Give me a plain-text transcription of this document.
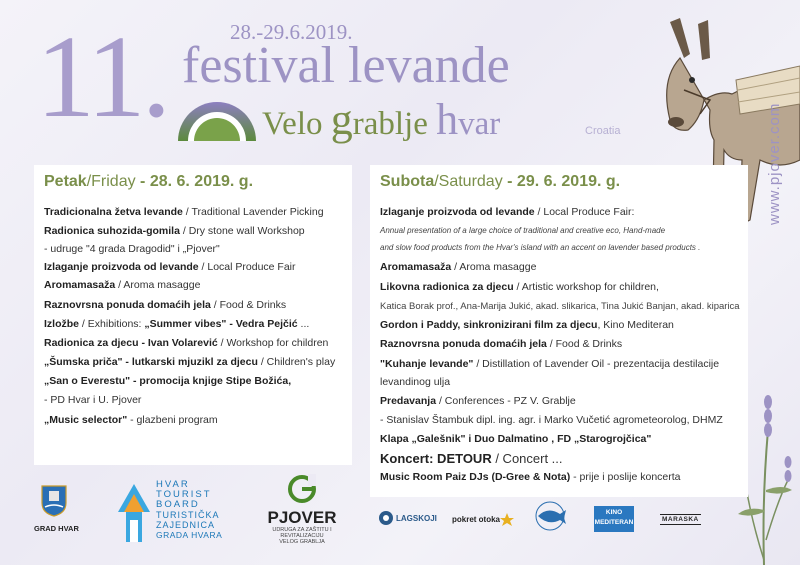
11.	28.-29.6.2019.
festival levande
Velo grablje hvar	Croatia	www.pjover.com
Petak/Friday - 28. 6. 2019. g.
Tradicionalna žetva levande / Traditional Lavender Picking
Radionica suhozida-gomila / Dry stone wall Workshop
- udruge "4 grada Dragodid" i „Pjover"
Izlaganje proizvoda od levande / Local Produce Fair
Aromamasaža / Aroma masagge
Raznovrsna ponuda domaćih jela / Food & Drinks
Izložbe / Exhibitions: „Summer vibes" - Vedra Pejčić ...
Radionica za djecu - Ivan Volarević / Workshop for children
„Šumska priča" - lutkarski mjuzikl za djecu / Children's play
„San o Everestu" - promocija knjige Stipe Božića,
- PD Hvar i U. Pjover
„Music selector" - glazbeni program
Subota/Saturday - 29. 6. 2019. g.
Izlaganje proizvoda od levande / Local Produce Fair:
Annual presentation of a large choice of traditional and creative eco, Hand-made
and slow food products from the Hvar's island with an accent on lavender based products .
Aromamasaža / Aroma masagge
Likovna radionica za djecu / Artistic workshop for children,
Katica Borak prof., Ana-Marija Jukić, akad. slikarica, Tina Jukić Banjan, akad. kiparica
Gordon i Paddy, sinkronizirani film za djecu, Kino Mediteran
Raznovrsna ponuda domaćih jela / Food & Drinks
"Kuhanje levande" / Distillation of Lavender Oil - prezentacija destilacije
levandinog ulja
Predavanja / Conferences - PZ V. Grablje
- Stanislav Štambuk dipl. ing. agr. i Marko Vučetić agrometeorolog, DHMZ
Klapa „Galešnik" i Duo Dalmatino , FD „Starogrojčica"
Koncert: DETOUR / Concert ...
Music Room Paiz DJs (D-Gree & Nota) - prije i poslije koncerta
GRAD HVAR
HVAR
TOURIST
BOARD
TURISTIČKA
ZAJEDNICA
GRADA HVARA
PJOVER
UDRUGA ZA ZAŠTITU I REVITALIZACIJU
VELOG GRABLJA
LAGSKOJI pokret otoka
KINO
MEDITERAN	MARASKA
